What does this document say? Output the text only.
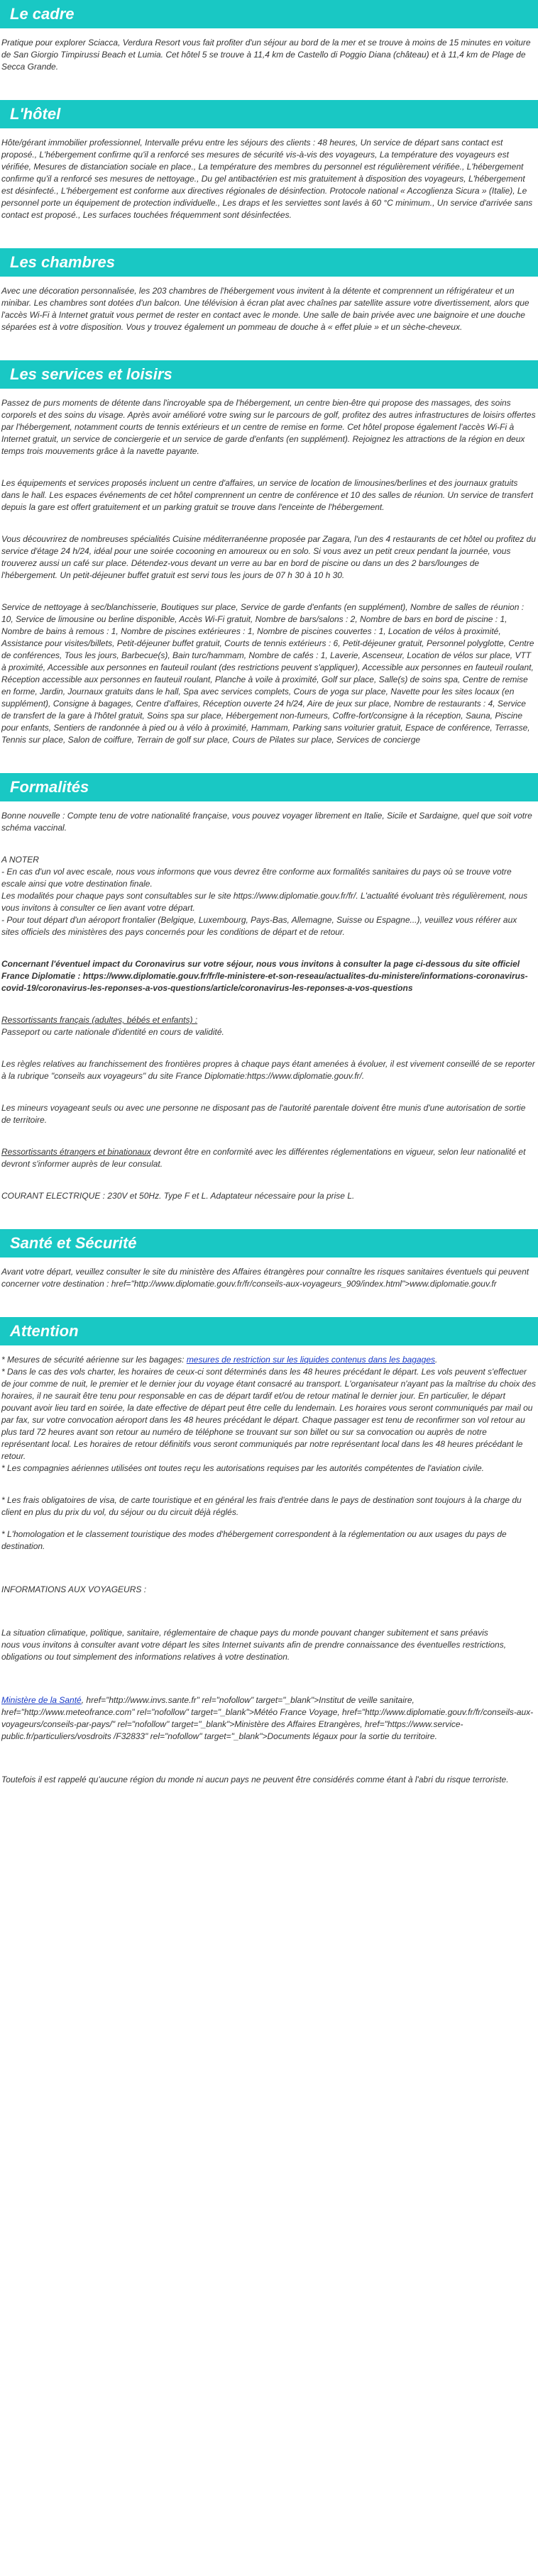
Le cadre

Pratique pour explorer Sciacca, Verdura Resort vous fait profiter d'un séjour au bord de la mer et se trouve à moins de 15 minutes en voiture de San Giorgio Timpirussi Beach et Lumia. Cet hôtel 5 se trouve à 11,4 km de Castello di Poggio Diana (château) et à 11,4 km de Plage de Secca Grande.

L'hôtel

Hôte/gérant immobilier professionnel, Intervalle prévu entre les séjours des clients : 48 heures, Un service de départ sans contact est proposé., L'hébergement confirme qu'il a renforcé ses mesures de sécurité vis-à-vis des voyageurs, La température des voyageurs est vérifiée, Mesures de distanciation sociale en place., La température des membres du personnel est régulièrement vérifiée., L'hébergement confirme qu'il a renforcé ses mesures de nettoyage., Du gel antibactérien est mis gratuitement à disposition des voyageurs, L'hébergement est désinfecté., L'hébergement est conforme aux directives régionales de désinfection. Protocole national « Accoglienza Sicura » (Italie), Le personnel porte un équipement de protection individuelle., Les draps et les serviettes sont lavés à 60 °C minimum., Un service d'arrivée sans contact est proposé., Les surfaces touchées fréquemment sont désinfectées.

Les chambres

Avec une décoration personnalisée, les 203 chambres de l'hébergement vous invitent à la détente et comprennent un réfrigérateur et un minibar. Les chambres sont dotées d'un balcon. Une télévision à écran plat avec chaînes par satellite assure votre divertissement, alors que l'accès Wi-Fi à Internet gratuit vous permet de rester en contact avec le monde. Une salle de bain privée avec une baignoire et une douche séparées est à votre disposition. Vous y trouvez également un pommeau de douche à « effet pluie » et un sèche-cheveux.

Les services et loisirs

Passez de purs moments de détente dans l'incroyable spa de l'hébergement, un centre bien-être qui propose des massages, des soins corporels et des soins du visage. Après avoir amélioré votre swing sur le parcours de golf, profitez des autres infrastructures de loisirs offertes par l'hébergement, notamment courts de tennis extérieurs et un centre de remise en forme. Cet hôtel propose également l'accès Wi-Fi à Internet gratuit, un service de conciergerie et un service de garde d'enfants (en supplément). Rejoignez les attractions de la région en deux temps trois mouvements grâce à la navette payante.

Les équipements et services proposés incluent un centre d'affaires, un service de location de limousines/berlines et des journaux gratuits dans le hall. Les espaces événements de cet hôtel comprennent un centre de conférence et 10 des salles de réunion. Un service de transfert depuis la gare est offert gratuitement et un parking gratuit se trouve dans l'enceinte de l'hébergement.

Vous découvrirez de nombreuses spécialités Cuisine méditerranéenne proposée par Zagara, l'un des 4 restaurants de cet hôtel ou profitez du service d'étage 24 h/24, idéal pour une soirée cocooning en amoureux ou en solo. Si vous avez un petit creux pendant la journée, vous trouverez aussi un café sur place. Détendez-vous devant un verre au bar en bord de piscine ou dans un des 2 bars/lounges de l'hébergement. Un petit-déjeuner buffet gratuit est servi tous les jours de 07 h 30 à 10 h 30.

Service de nettoyage à sec/blanchisserie, Boutiques sur place, Service de garde d'enfants (en supplément), Nombre de salles de réunion : 10, Service de limousine ou berline disponible, Accès Wi-Fi gratuit, Nombre de bars/salons : 2, Nombre de bars en bord de piscine : 1, Nombre de bains à remous : 1, Nombre de piscines extérieures : 1, Nombre de piscines couvertes : 1, Location de vélos à proximité, Assistance pour visites/billets, Petit-déjeuner buffet gratuit, Courts de tennis extérieurs : 6, Petit-déjeuner gratuit, Personnel polyglotte, Centre de conférences, Tous les jours, Barbecue(s), Bain turc/hammam, Nombre de cafés : 1, Laverie, Ascenseur, Location de vélos sur place, VTT à proximité, Accessible aux personnes en fauteuil roulant (des restrictions peuvent s'appliquer), Accessible aux personnes en fauteuil roulant, Réception accessible aux personnes en fauteuil roulant, Planche à voile à proximité, Golf sur place, Salle(s) de soins spa, Centre de remise en forme, Jardin, Journaux gratuits dans le hall, Spa avec services complets, Cours de yoga sur place, Navette pour les sites locaux (en supplément), Consigne à bagages, Centre d'affaires, Réception ouverte 24 h/24, Aire de jeux sur place, Nombre de restaurants : 4, Service de transfert de la gare à l'hôtel gratuit, Soins spa sur place, Hébergement non-fumeurs, Coffre-fort/consigne à la réception, Sauna, Piscine pour enfants, Sentiers de randonnée à pied ou à vélo à proximité, Hammam, Parking sans voiturier gratuit, Espace de conférence, Terrasse, Tennis sur place, Salon de coiffure, Terrain de golf sur place, Cours de Pilates sur place, Services de concierge

Formalités

Bonne nouvelle : Compte tenu de votre nationalité française, vous pouvez voyager librement en Italie, Sicile et Sardaigne, quel que soit votre schéma vaccinal.

A NOTER

- En cas d'un vol avec escale, nous vous informons que vous devrez être conforme aux formalités sanitaires du pays où se trouve votre escale ainsi que votre destination finale.

Les modalités pour chaque pays sont consultables sur le site https://www.diplomatie.gouv.fr/fr/. L'actualité évoluant très régulièrement, nous vous invitons à consulter ce lien avant votre départ.

- Pour tout départ d'un aéroport frontalier (Belgique, Luxembourg, Pays-Bas, Allemagne, Suisse ou Espagne...), veuillez vous référer aux sites officiels des ministères des pays concernés pour les conditions de départ et de retour.

Concernant l'éventuel impact du Coronavirus sur votre séjour, nous vous invitons à consulter la page ci-dessous du site officiel France Diplomatie : https://www.diplomatie.gouv.fr/fr/le-ministere-et-son-reseau/actualites-du-ministere/informations-coronavirus-covid-19/coronavirus-les-reponses-a-vos-questions/article/coronavirus-les-reponses-a-vos-questions

Ressortissants français (adultes, bébés et enfants) :

Passeport ou carte nationale d'identité en cours de validité.

Les règles relatives au franchissement des frontières propres à chaque pays étant amenées à évoluer, il est vivement conseillé de se reporter à la rubrique "conseils aux voyageurs" du site France Diplomatie:https://www.diplomatie.gouv.fr/.

Les mineurs voyageant seuls ou avec une personne ne disposant pas de l'autorité parentale doivent être munis d'une autorisation de sortie de territoire.

Ressortissants étrangers et binationaux devront être en conformité avec les différentes réglementations en vigueur, selon leur nationalité et devront s'informer auprès de leur consulat.

COURANT ELECTRIQUE : 230V et 50Hz. Type F et L. Adaptateur nécessaire pour la prise L.

Santé et Sécurité

Avant votre départ, veuillez consulter le site du ministère des Affaires étrangères pour connaître les risques sanitaires éventuels qui peuvent concerner votre destination : href="http://www.diplomatie.gouv.fr/fr/conseils-aux-voyageurs_909/index.html">www.diplomatie.gouv.fr

Attention

* Mesures de sécurité aérienne sur les bagages: mesures de restriction sur les liquides contenus dans les bagages.

* Dans le cas des vols charter, les horaires de ceux-ci sont déterminés dans les 48 heures précédant le départ. Les vols peuvent s'effectuer de jour comme de nuit, le premier et le dernier jour du voyage étant consacré au transport. L'organisateur n'ayant pas la maîtrise du choix des horaires, il ne saurait être tenu pour responsable en cas de départ tardif et/ou de retour matinal le dernier jour. En particulier, le départ pouvant avoir lieu tard en soirée, la date effective de départ peut être celle du lendemain. Les horaires vous seront communiqués par mail ou par fax, sur votre convocation aéroport dans les 48 heures précédant le départ. Chaque passager est tenu de reconfirmer son vol retour au plus tard 72 heures avant son retour au numéro de téléphone se trouvant sur son billet ou sur sa convocation ou auprès de notre représentant local. Les horaires de retour définitifs vous seront communiqués par notre représentant local dans les 48 heures précédant le retour.

* Les compagnies aériennes utilisées ont toutes reçu les autorisations requises par les autorités compétentes de l'aviation civile.

* Les frais obligatoires de visa, de carte touristique et en général les frais d'entrée dans le pays de destination sont toujours à la charge du client en plus du prix du vol, du séjour ou du circuit déjà réglés.

* L'homologation et le classement touristique des modes d'hébergement correspondent à la réglementation ou aux usages du pays de destination.

INFORMATIONS AUX VOYAGEURS :

La situation climatique, politique, sanitaire, réglementaire de chaque pays du monde pouvant changer subitement et sans préavis

nous vous invitons à consulter avant votre départ les sites Internet suivants afin de prendre connaissance des éventuelles restrictions, obligations ou tout simplement des informations relatives à votre destination.

Ministère de la Santé, href="http://www.invs.sante.fr" rel="nofollow" target="_blank">Institut de veille sanitaire, href="http://www.meteofrance.com" rel="nofollow" target="_blank">Météo France Voyage, href="http://www.diplomatie.gouv.fr/fr/conseils-aux-voyageurs/conseils-par-pays/" rel="nofollow" target="_blank">Ministère des Affaires Etrangères, href="https://www.service-public.fr/particuliers/vosdroits /F32833" rel="nofollow" target="_blank">Documents légaux pour la sortie du territoire.

Toutefois il est rappelé qu'aucune région du monde ni aucun pays ne peuvent être considérés comme étant à l'abri du risque terroriste.
